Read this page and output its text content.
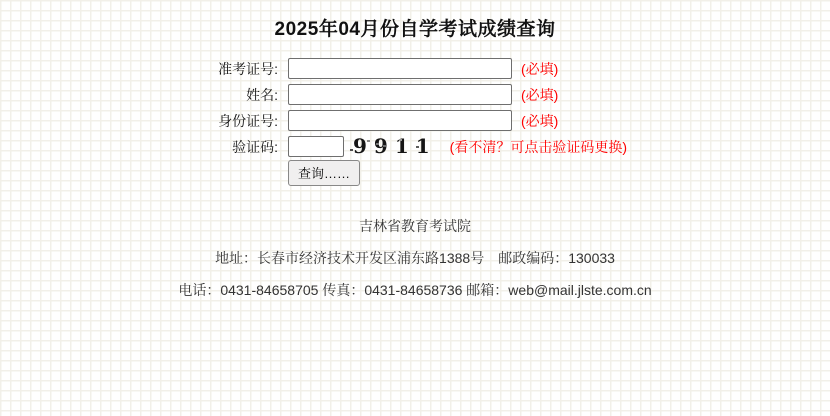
2025年04月份自学考试成绩查询
准考证号:	(必填)
姓名:	(必填)
身份证号:	(必填)
验证码:	9911 (看不清？可点击验证码更换)
查询……

吉林省教育考试院

地址：长春市经济技术开发区浦东路1388号　邮政编码：130033

电话：0431-84658705 传真：0431-84658736 邮箱：web@mail.jlste.com.cn
